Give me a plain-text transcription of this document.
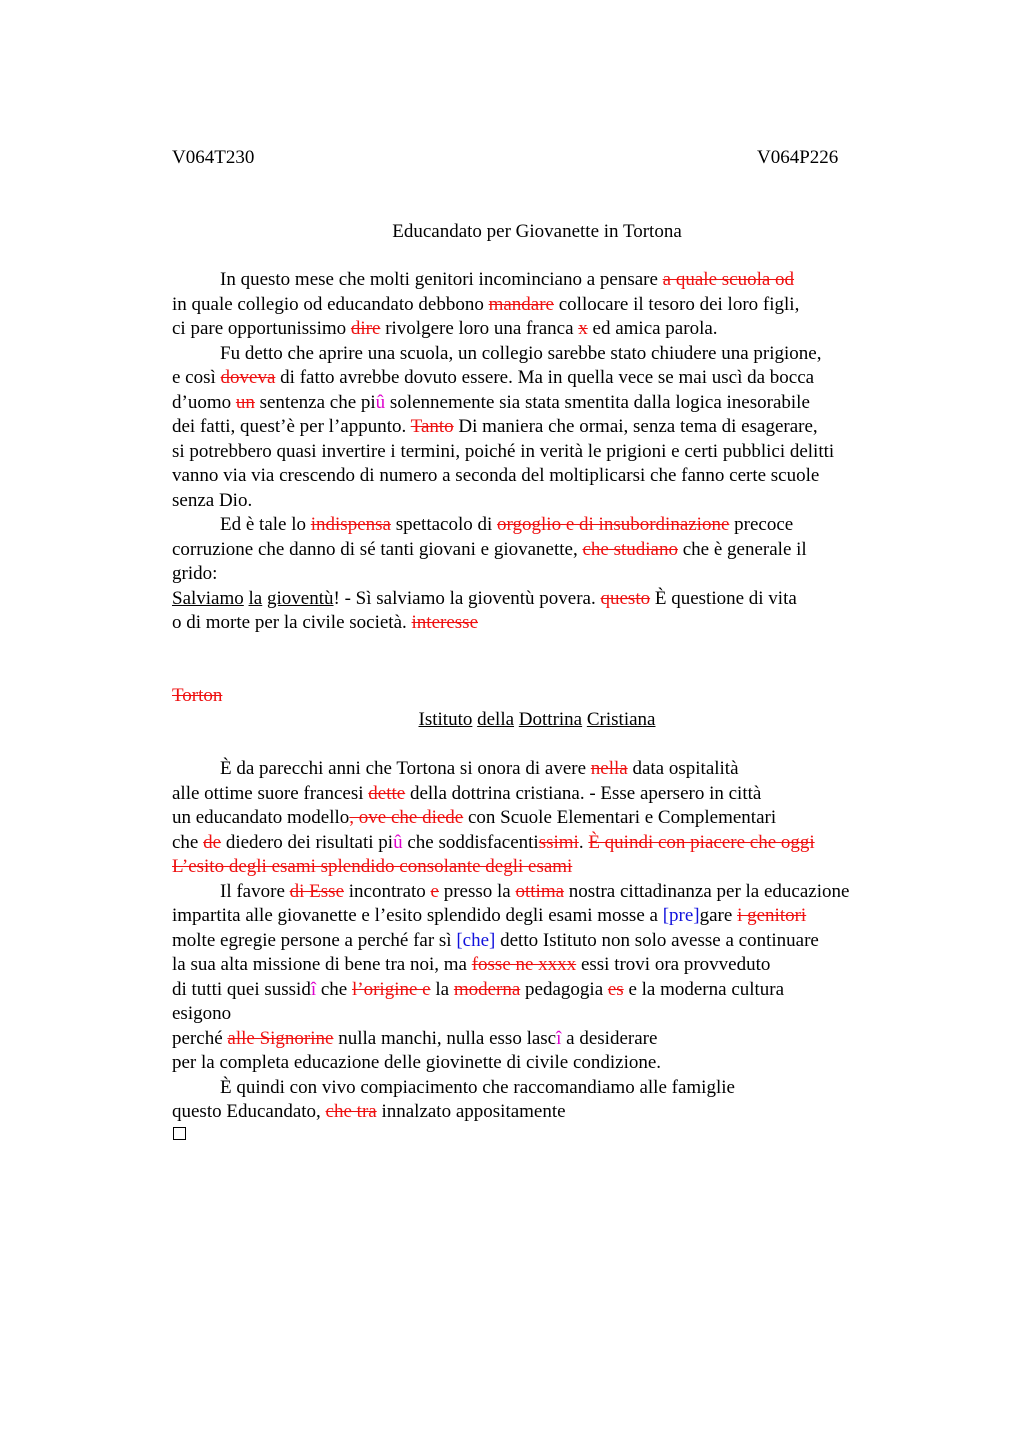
V064T230	V064P226
Educandato per Giovanette in Tortona
In questo mese che molti genitori incominciano a pensare a quale scuola od
in quale collegio od educandato debbono mandare collocare il tesoro dei loro figli,
ci pare opportunissimo dire rivolgere loro una franca x ed amica parola.
Fu detto che aprire una scuola, un collegio sarebbe stato chiudere una prigione,
e così doveva di fatto avrebbe dovuto essere. Ma in quella vece se mai uscì da bocca
d’uomo un sentenza che piû solennemente sia stata smentita dalla logica inesorabile
dei fatti, quest’è per l’appunto. Tanto Di maniera che ormai, senza tema di esagerare,
si potrebbero quasi invertire i termini, poiché in verità le prigioni e certi pubblici delitti
vanno via via crescendo di numero a seconda del moltiplicarsi che fanno certe scuole
senza Dio.
Ed è tale lo indispensa spettacolo di orgoglio e di insubordinazione precoce
corruzione che danno di sé tanti giovani e giovanette, che studiano che è generale il
grido:
Salviamo la gioventù! - Sì salviamo la gioventù povera. questo È questione di vita
o di morte per la civile società. interesse
Torton
Istituto della Dottrina Cristiana
È da parecchi anni che Tortona si onora di avere nella data ospitalità
alle ottime suore francesi dette della dottrina cristiana. - Esse apersero in città
un educandato modello, ove che diede con Scuole Elementari e Complementari
che de diedero dei risultati piû che soddisfacentissimi. È quindi con piacere che oggi
L’esito degli esami splendido consolante degli esami
Il favore di Esse incontrato e presso la ottima nostra cittadinanza per la educazione
impartita alle giovanette e l’esito splendido degli esami mosse a [pre]gare i genitori
molte egregie persone a perché far sì [che] detto Istituto non solo avesse a continuare
la sua alta missione di bene tra noi, ma fosse ne xxxx essi trovi ora provveduto
di tutti quei sussidî che l’origine e la moderna pedagogia es e la moderna cultura
esigono
perché alle Signorine nulla manchi, nulla esso lascî a desiderare
per la completa educazione delle giovinette di civile condizione.
È quindi con vivo compiacimento che raccomandiamo alle famiglie
questo Educandato, che tra innalzato appositamente
